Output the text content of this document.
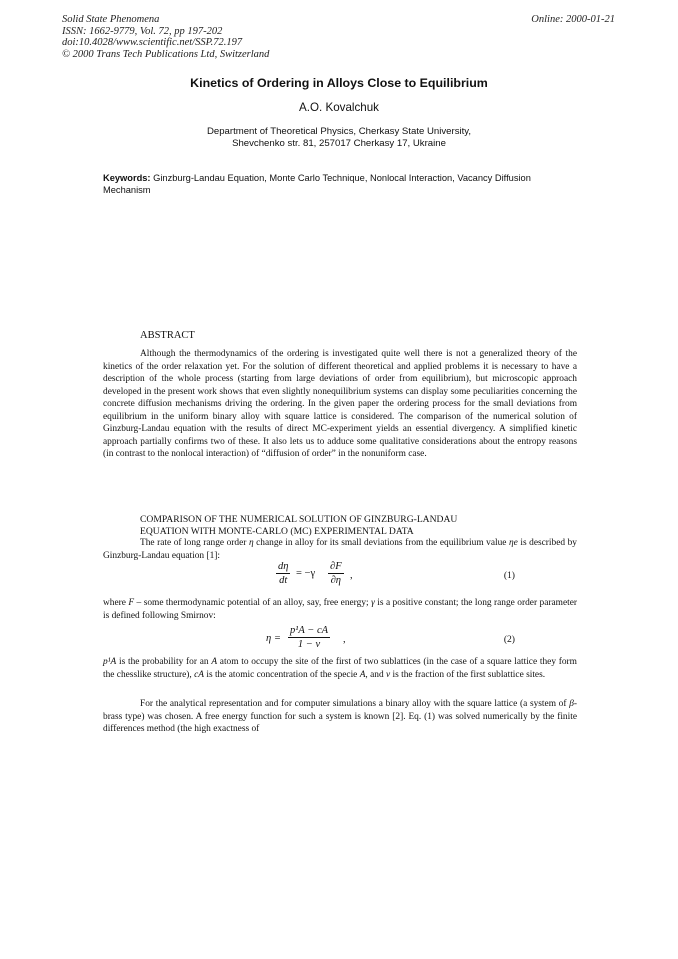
Solid State Phenomena
ISSN: 1662-9779, Vol. 72, pp 197-202
doi:10.4028/www.scientific.net/SSP.72.197
© 2000 Trans Tech Publications Ltd, Switzerland
Online: 2000-01-21
Kinetics of Ordering in Alloys Close to Equilibrium
A.O. Kovalchuk
Department of Theoretical Physics, Cherkasy State University,
Shevchenko str. 81, 257017 Cherkasy 17, Ukraine
Keywords: Ginzburg-Landau Equation, Monte Carlo Technique, Nonlocal Interaction, Vacancy Diffusion Mechanism
ABSTRACT

Although the thermodynamics of the ordering is investigated quite well there is not a generalized theory of the kinetics of the order relaxation yet. For the solution of different theoretical and applied problems it is necessary to have a description of the whole process (starting from large deviations of order from equilibrium), but microscopic approach developed in the present work shows that even slightly nonequilibrium systems can display some peculiarities concerning the concrete diffusion mechanisms driving the ordering. In the given paper the ordering process for the small deviations from equilibrium in the uniform binary alloy with square lattice is considered. The comparison of the numerical solution of Ginzburg-Landau equation with the results of direct MC-experiment yields an essential divergency. A simplified kinetic approach partially confirms two of these. It also lets us to adduce some qualitative considerations about the entropy reasons (in contrast to the nonlocal interaction) of “diffusion of order” in the nonuniform case.

COMPARISON OF THE NUMERICAL SOLUTION OF GINZBURG-LANDAU
EQUATION WITH MONTE-CARLO (MC) EXPERIMENTAL DATA

The rate of long range order η change in alloy for its small deviations from the equilibrium value ηe is described by Ginzburg-Landau equation [1]:

$\frac{d\eta}{dt} = -\gamma \frac{\partial F}{\partial\eta}$ ,	(1)

where F – some thermodynamic potential of an alloy, say, free energy; γ is a positive constant; the long range order parameter is defined following Smirnov:

$\eta = \frac{\text{p¹A − cA}}{1 - \nu}$ ,	(2)

p¹A is the probability for an A atom to occupy the site of the first of two sublattices (in the case of a square lattice they form the chesslike structure), cA is the atomic concentration of the specie A, and ν is the fraction of the first sublattice sites.

For the analytical representation and for computer simulations a binary alloy with the square lattice (a system of β-brass type) was chosen. A free energy function for such a system is known [2]. Eq. (1) was solved numerically by the finite differences method (the high exactness of
